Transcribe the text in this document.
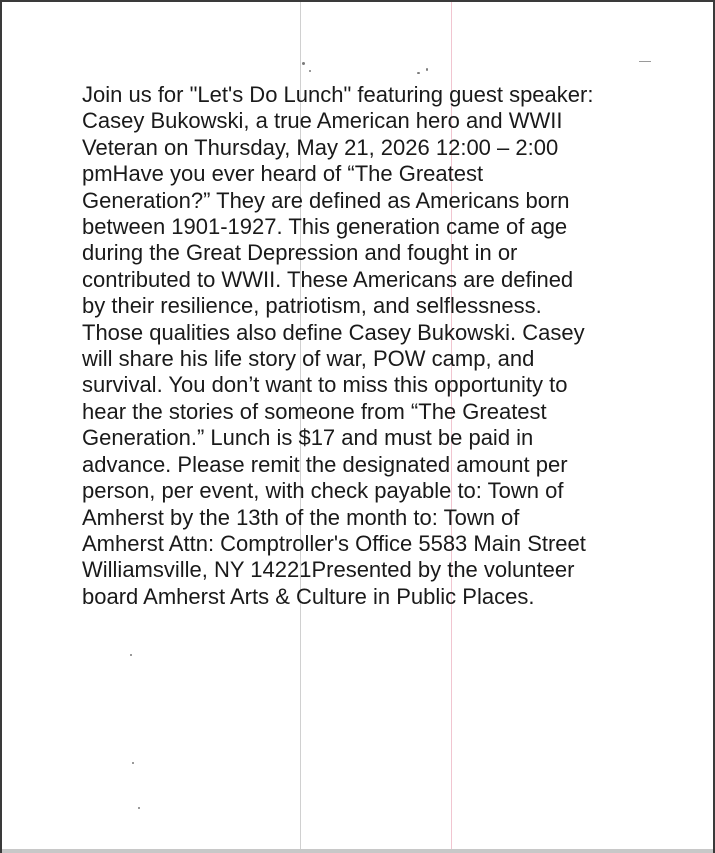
Join us for "Let's Do Lunch" featuring guest speaker:
Casey Bukowski, a true American hero and WWII
Veteran on Thursday, May 21, 2026 12:00 – 2:00
pmHave you ever heard of “The Greatest
Generation?” They are defined as Americans born
between 1901-1927. This generation came of age
during the Great Depression and fought in or
contributed to WWII. These Americans are defined
by their resilience, patriotism, and selflessness.
Those qualities also define Casey Bukowski. Casey
will share his life story of war, POW camp, and
survival. You don’t want to miss this opportunity to
hear the stories of someone from “The Greatest
Generation.” Lunch is $17 and must be paid in
advance. Please remit the designated amount per
person, per event, with check payable to: Town of
Amherst by the 13th of the month to: Town of
Amherst Attn: Comptroller's Office 5583 Main Street
Williamsville, NY 14221Presented by the volunteer
board Amherst Arts & Culture in Public Places.
